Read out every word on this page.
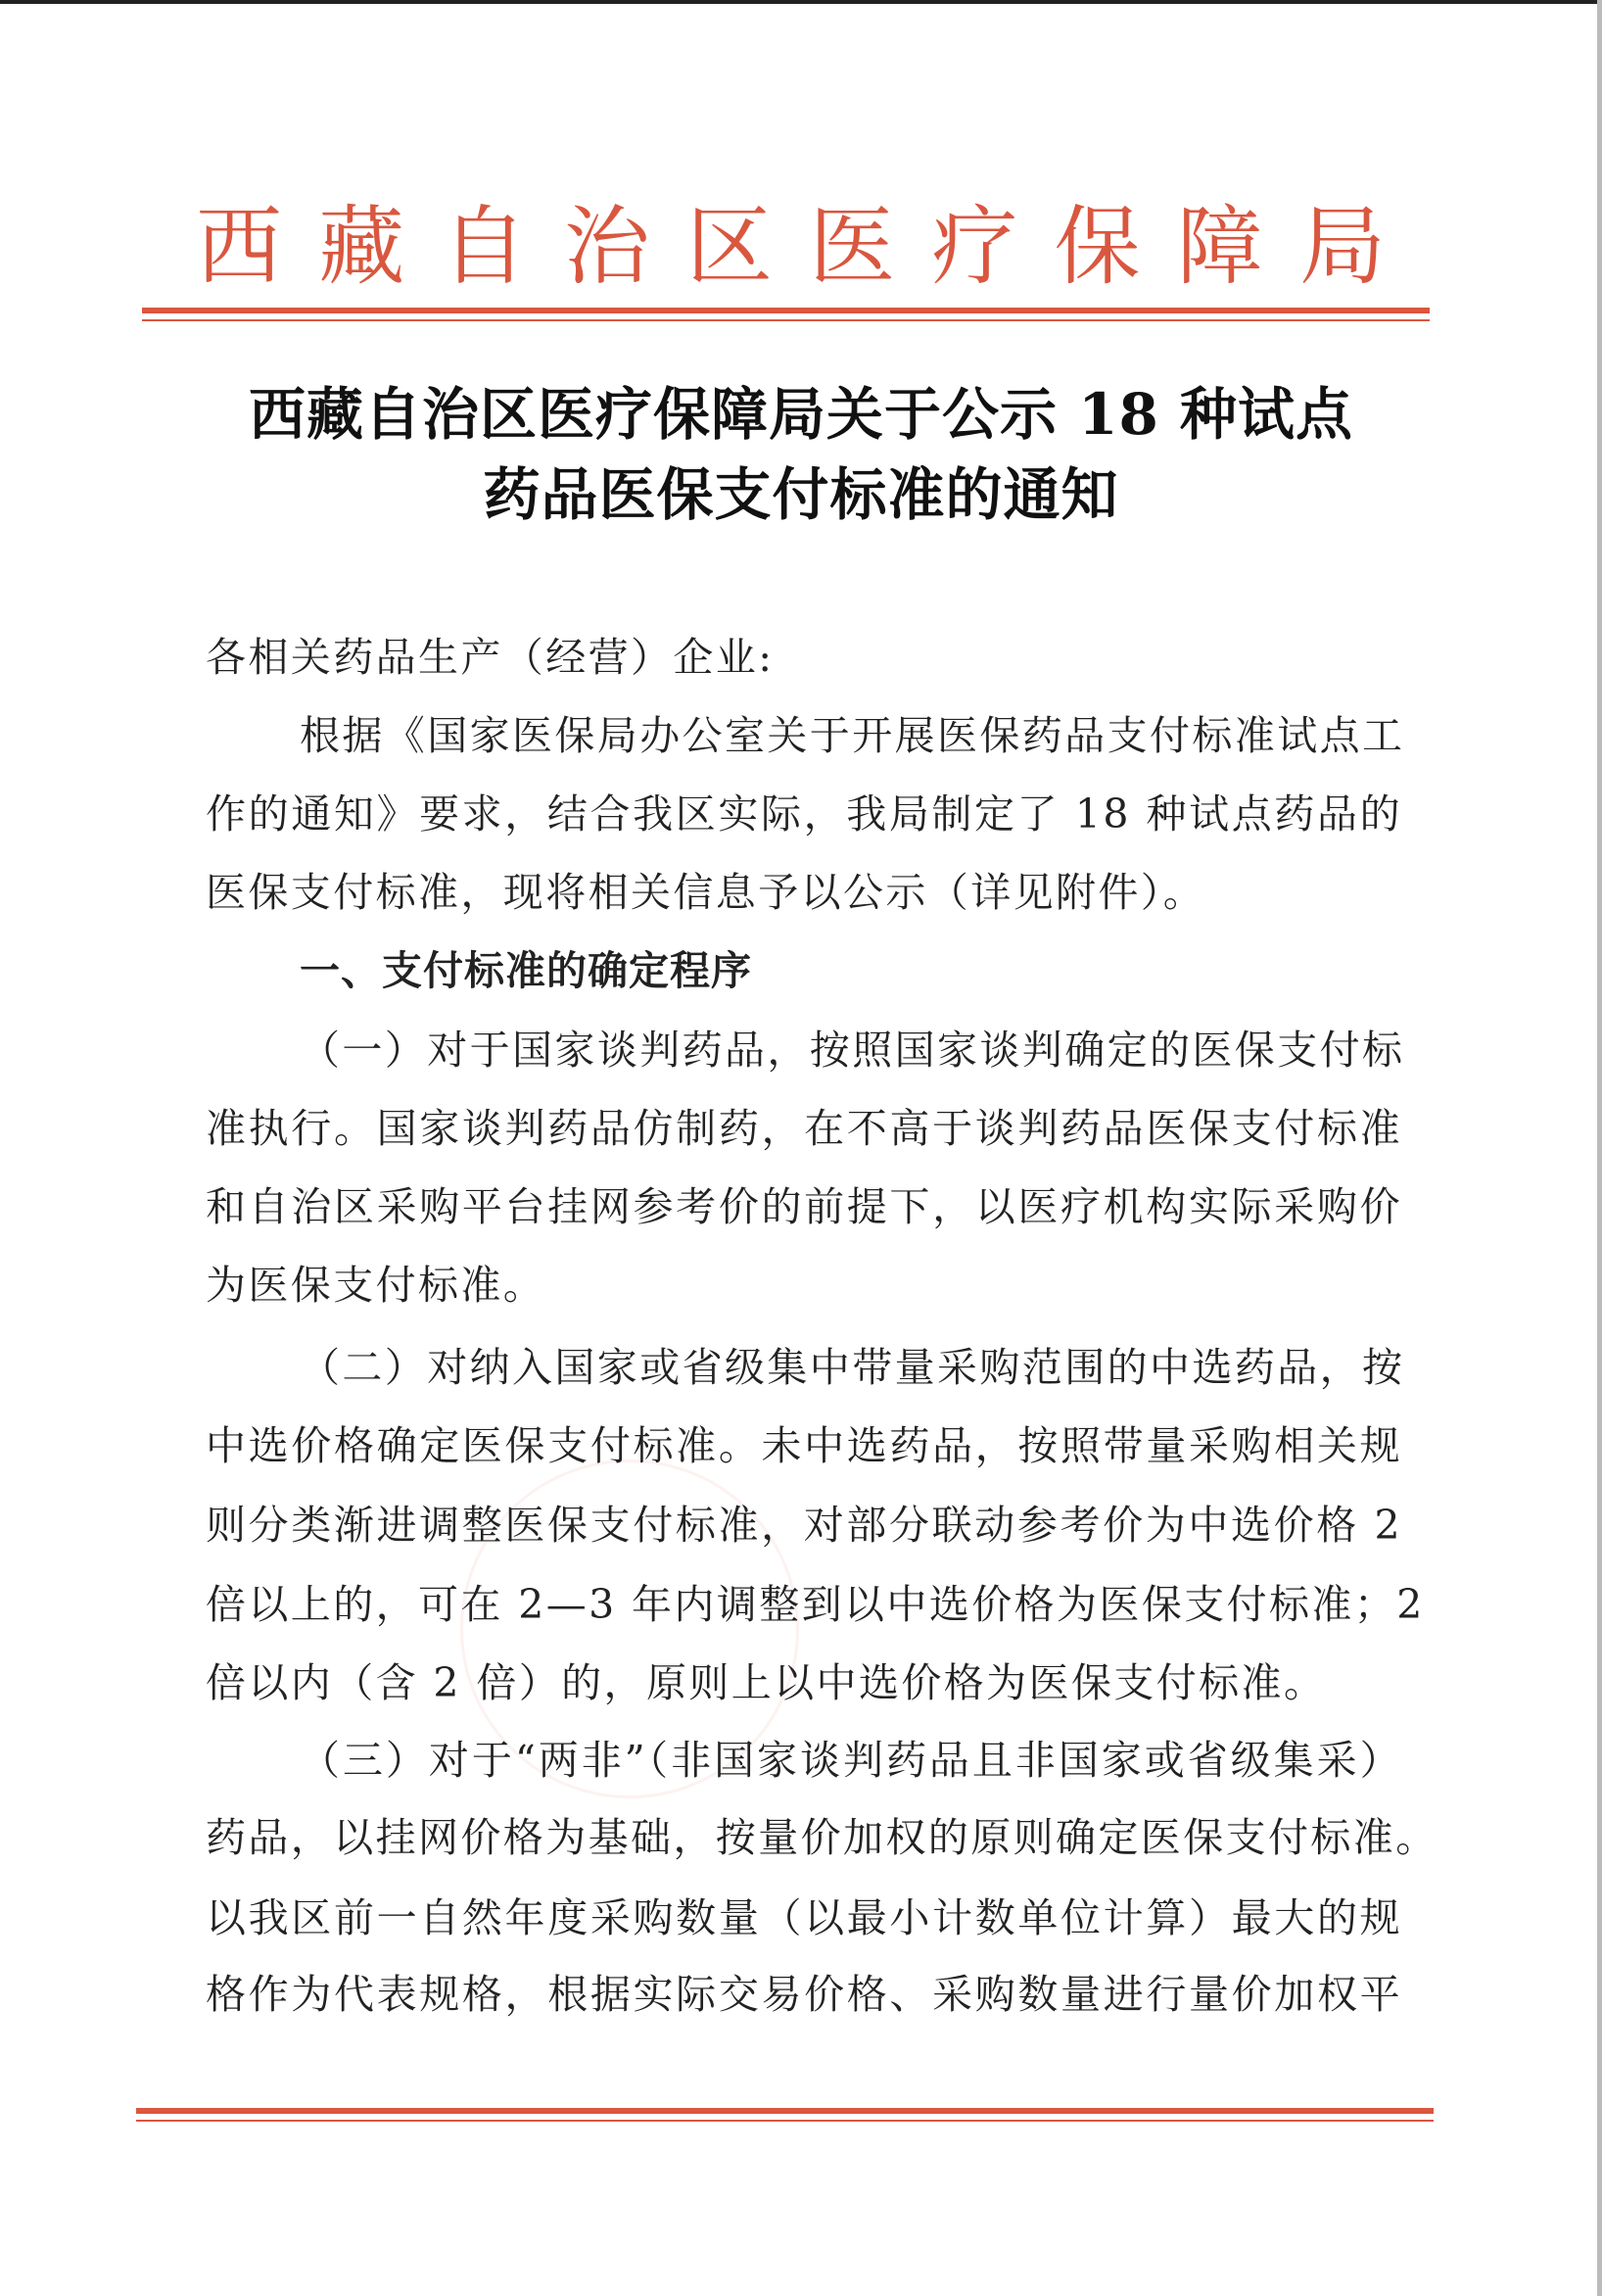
西 藏 自 治 区 医 疗 保 障 局
西藏自治区医疗保障局关于公示 18 种试点
药品医保支付标准的通知
各相关药品生产（经营）企业:
根据《国家医保局办公室关于开展医保药品支付标准试点工
作的通知》要求，结合我区实际，我局制定了 18 种试点药品的
医保支付标准，现将相关信息予以公示（详见附件）。
一、支付标准的确定程序
（一）对于国家谈判药品，按照国家谈判确定的医保支付标
准执行。国家谈判药品仿制药，在不高于谈判药品医保支付标准
和自治区采购平台挂网参考价的前提下，以医疗机构实际采购价
为医保支付标准。
（二）对纳入国家或省级集中带量采购范围的中选药品，按
中选价格确定医保支付标准。未中选药品，按照带量采购相关规
则分类渐进调整医保支付标准，对部分联动参考价为中选价格 2
倍以上的，可在 2—3 年内调整到以中选价格为医保支付标准；2
倍以内（含 2 倍）的，原则上以中选价格为医保支付标准。
（三）对于“两非”（非国家谈判药品且非国家或省级集采）
药品，以挂网价格为基础，按量价加权的原则确定医保支付标准。
以我区前一自然年度采购数量（以最小计数单位计算）最大的规
格作为代表规格，根据实际交易价格、采购数量进行量价加权平
